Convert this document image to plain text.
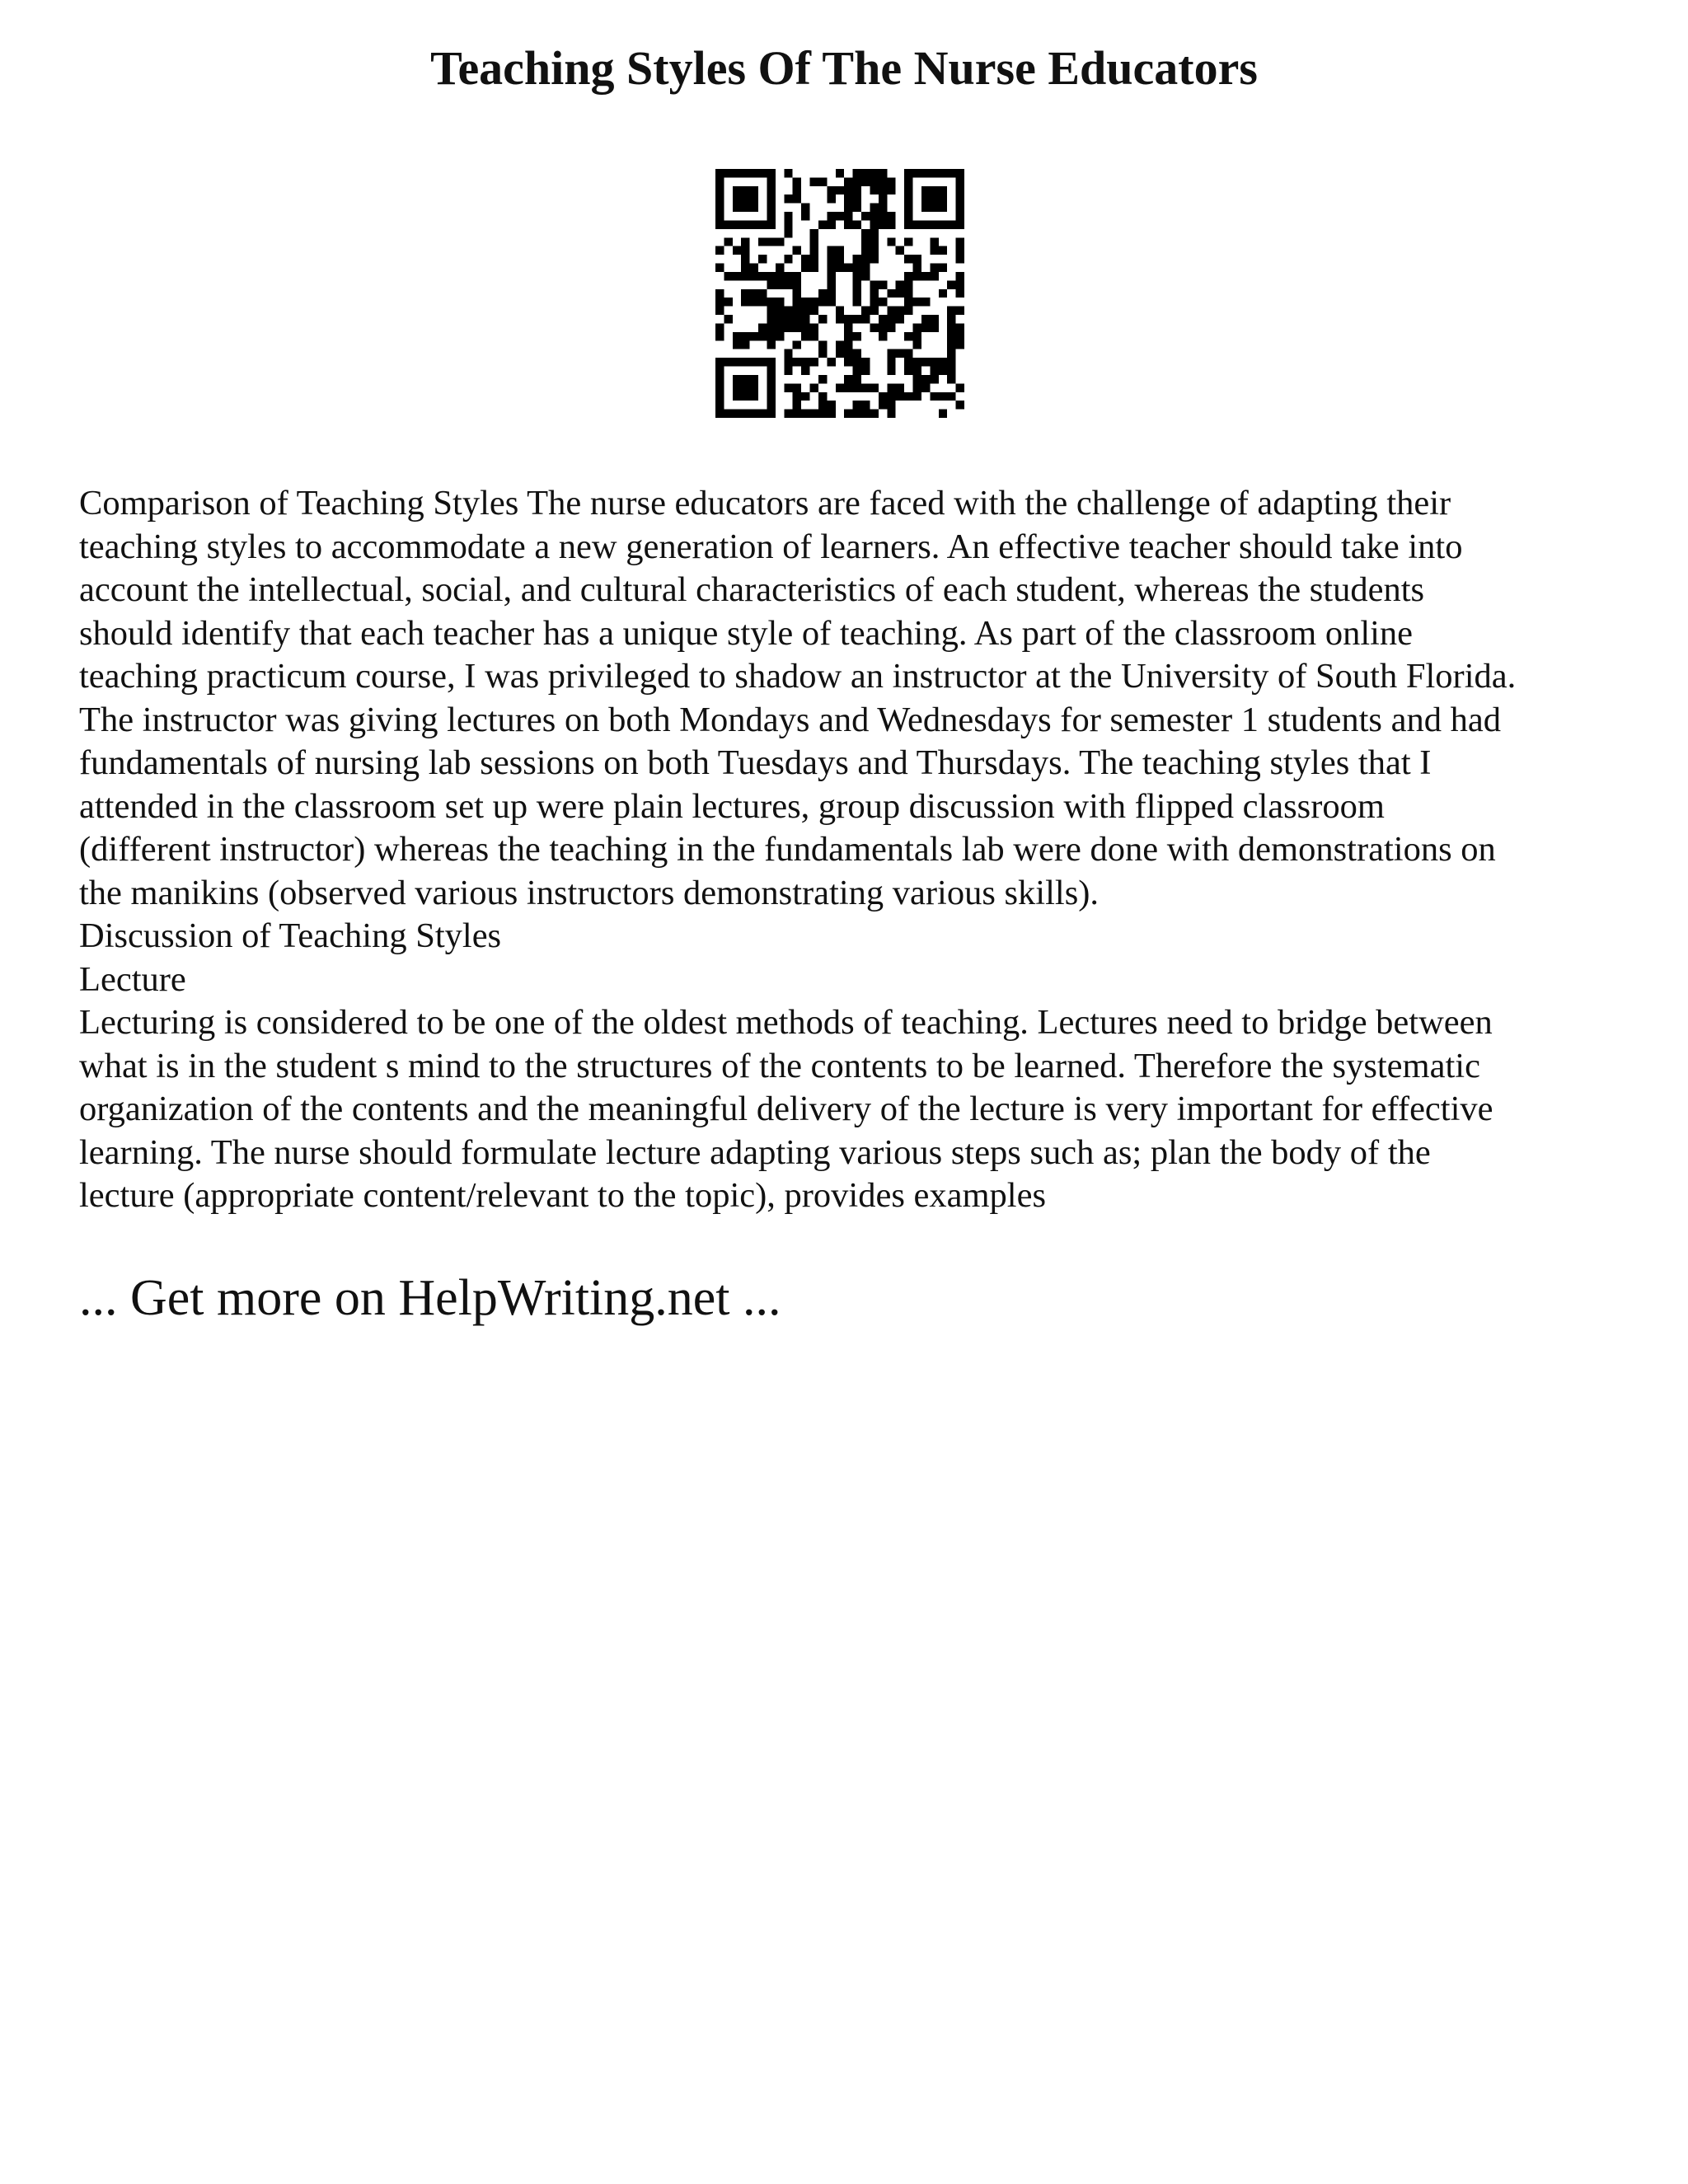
Teaching Styles Of The Nurse Educators

Comparison of Teaching Styles The nurse educators are faced with the challenge of adapting their
teaching styles to accommodate a new generation of learners. An effective teacher should take into
account the intellectual, social, and cultural characteristics of each student, whereas the students
should identify that each teacher has a unique style of teaching. As part of the classroom online
teaching practicum course, I was privileged to shadow an instructor at the University of South Florida.
The instructor was giving lectures on both Mondays and Wednesdays for semester 1 students and had
fundamentals of nursing lab sessions on both Tuesdays and Thursdays. The teaching styles that I
attended in the classroom set up were plain lectures, group discussion with flipped classroom
(different instructor) whereas the teaching in the fundamentals lab were done with demonstrations on
the manikins (observed various instructors demonstrating various skills).

Discussion of Teaching Styles

Lecture

Lecturing is considered to be one of the oldest methods of teaching. Lectures need to bridge between
what is in the student s mind to the structures of the contents to be learned. Therefore the systematic
organization of the contents and the meaningful delivery of the lecture is very important for effective
learning. The nurse should formulate lecture adapting various steps such as; plan the body of the
lecture (appropriate content/relevant to the topic), provides examples

... Get more on HelpWriting.net ...
